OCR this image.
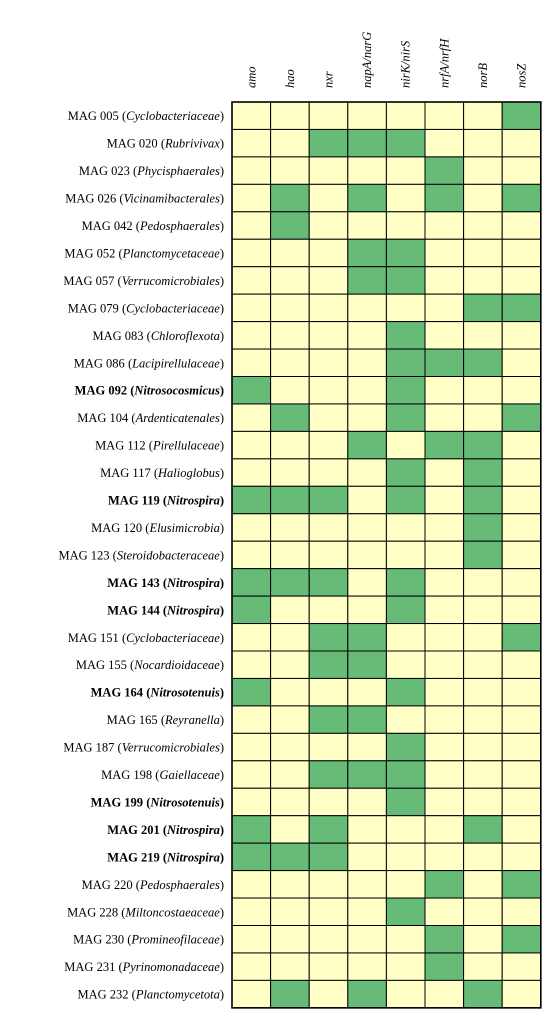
amo hao nxr napA/narG nirK/nirS nrfA/nrfH norB nosZ
MAG 005 (Cyclobacteriaceae)
MAG 020 (Rubrivivax)
MAG 023 (Phycisphaerales)
MAG 026 (Vicinamibacterales)
MAG 042 (Pedosphaerales)
MAG 052 (Planctomycetaceae)
MAG 057 (Verrucomicrobiales)
MAG 079 (Cyclobacteriaceae)
MAG 083 (Chloroflexota)
MAG 086 (Lacipirellulaceae)
MAG 092 (Nitrosocosmicus)
MAG 104 (Ardenticatenales)
MAG 112 (Pirellulaceae)
MAG 117 (Halioglobus)
MAG 119 (Nitrospira)
MAG 120 (Elusimicrobia)
MAG 123 (Steroidobacteraceae)
MAG 143 (Nitrospira)
MAG 144 (Nitrospira)
MAG 151 (Cyclobacteriaceae)
MAG 155 (Nocardioidaceae)
MAG 164 (Nitrosotenuis)
MAG 165 (Reyranella)
MAG 187 (Verrucomicrobiales)
MAG 198 (Gaiellaceae)
MAG 199 (Nitrosotenuis)
MAG 201 (Nitrospira)
MAG 219 (Nitrospira)
MAG 220 (Pedosphaerales)
MAG 228 (Miltoncostaeaceae)
MAG 230 (Promineofilaceae)
MAG 231 (Pyrinomonadaceae)
MAG 232 (Planctomycetota)
